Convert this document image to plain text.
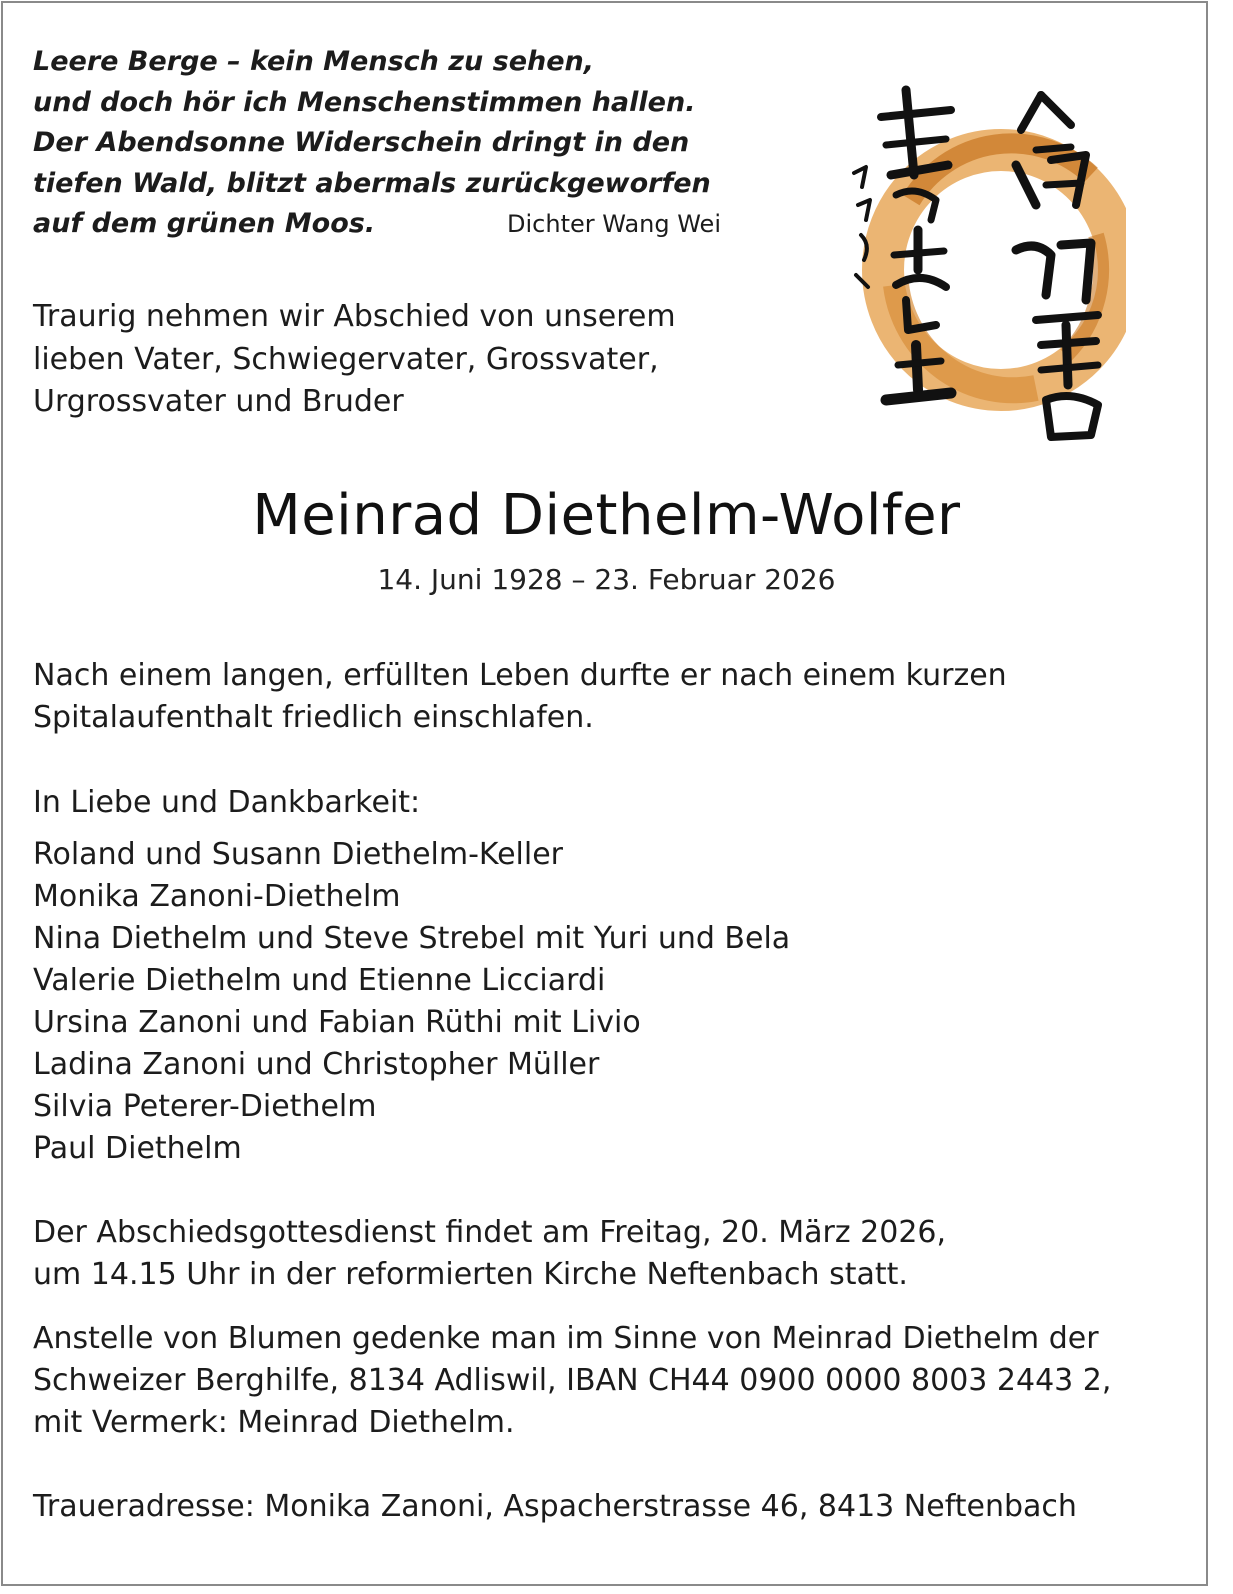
Leere Berge – kein Mensch zu sehen,
und doch hör ich Menschenstimmen hallen.
Der Abendsonne Widerschein dringt in den
tiefen Wald, blitzt abermals zurückgeworfen
auf dem grünen Moos.	Dichter Wang Wei
Traurig nehmen wir Abschied von unserem
lieben Vater, Schwiegervater, Grossvater,
Urgrossvater und Bruder
Meinrad Diethelm-Wolfer
14. Juni 1928 – 23. Februar 2026
Nach einem langen, erfüllten Leben durfte er nach einem kurzen
Spitalaufenthalt friedlich einschlafen.
In Liebe und Dankbarkeit:
Roland und Susann Diethelm-Keller
Monika Zanoni-Diethelm
Nina Diethelm und Steve Strebel mit Yuri und Bela
Valerie Diethelm und Etienne Licciardi
Ursina Zanoni und Fabian Rüthi mit Livio
Ladina Zanoni und Christopher Müller
Silvia Peterer-Diethelm
Paul Diethelm
Der Abschiedsgottesdienst findet am Freitag, 20. März 2026,
um 14.15 Uhr in der reformierten Kirche Neftenbach statt.
Anstelle von Blumen gedenke man im Sinne von Meinrad Diethelm der
Schweizer Berghilfe, 8134 Adliswil, IBAN CH44 0900 0000 8003 2443 2,
mit Vermerk: Meinrad Diethelm.
Traueradresse: Monika Zanoni, Aspacherstrasse 46, 8413 Neftenbach
